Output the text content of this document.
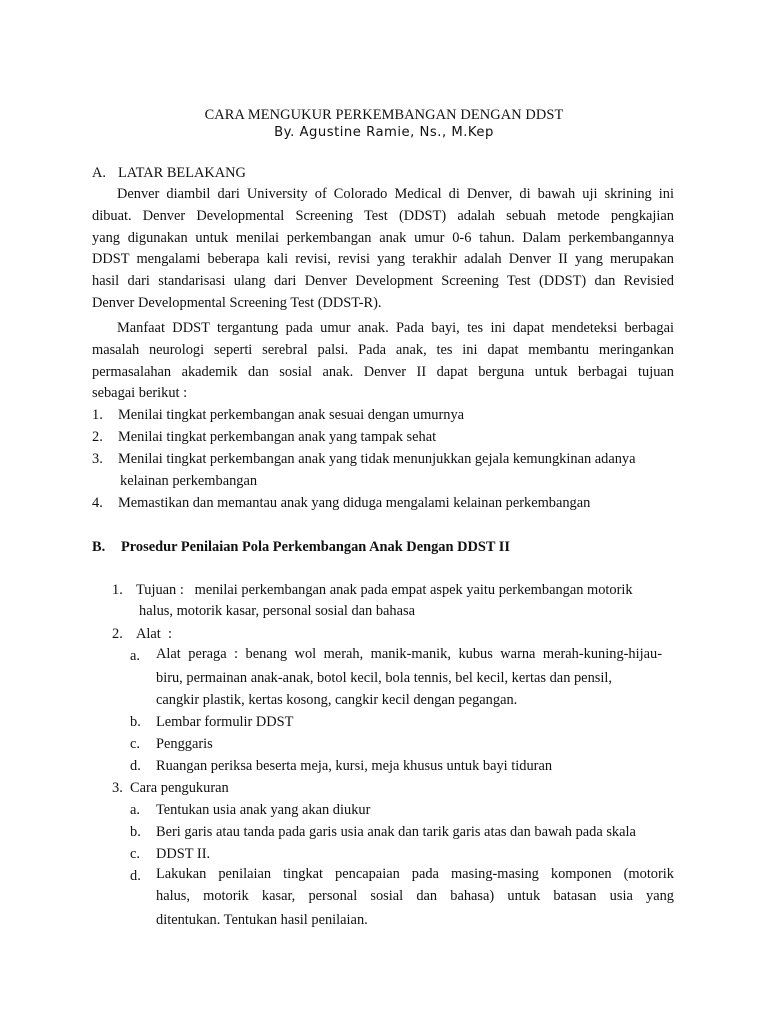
CARA MENGUKUR PERKEMBANGAN DENGAN DDST
By. Agustine Ramie, Ns., M.Kep
A. LATAR BELAKANG
Denver diambil dari University of Colorado Medical di Denver, di bawah uji skrining ini
dibuat. Denver Developmental Screening Test (DDST) adalah sebuah metode pengkajian
yang digunakan untuk menilai perkembangan anak umur 0-6 tahun. Dalam perkembangannya
DDST mengalami beberapa kali revisi, revisi yang terakhir adalah Denver II yang merupakan
hasil dari standarisasi ulang dari Denver Development Screening Test (DDST) dan Revisied
Denver Developmental Screening Test (DDST-R).
Manfaat DDST tergantung pada umur anak. Pada bayi, tes ini dapat mendeteksi berbagai
masalah neurologi seperti serebral palsi. Pada anak, tes ini dapat membantu meringankan
permasalahan akademik dan sosial anak. Denver II dapat berguna untuk berbagai tujuan
sebagai berikut :
1. Menilai tingkat perkembangan anak sesuai dengan umurnya
2. Menilai tingkat perkembangan anak yang tampak sehat
3. Menilai tingkat perkembangan anak yang tidak menunjukkan gejala kemungkinan adanya
kelainan perkembangan
4. Memastikan dan memantau anak yang diduga mengalami kelainan perkembangan
B. Prosedur Penilaian Pola Perkembangan Anak Dengan DDST II
1. Tujuan :   menilai perkembangan anak pada empat aspek yaitu perkembangan motorik
halus, motorik kasar, personal sosial dan bahasa
2. Alat  :
a. Alat peraga : benang wol merah, manik-manik, kubus warna merah-kuning-hijau-
biru, permainan anak-anak, botol kecil, bola tennis, bel kecil, kertas dan pensil,
cangkir plastik, kertas kosong, cangkir kecil dengan pegangan.
b. Lembar formulir DDST
c. Penggaris
d. Ruangan periksa beserta meja, kursi, meja khusus untuk bayi tiduran
3. Cara pengukuran
a. Tentukan usia anak yang akan diukur
b. Beri garis atau tanda pada garis usia anak dan tarik garis atas dan bawah pada skala
c. DDST II.
d. Lakukan penilaian tingkat pencapaian pada masing-masing komponen (motorik
halus, motorik kasar, personal sosial dan bahasa) untuk batasan usia yang
ditentukan. Tentukan hasil penilaian.
